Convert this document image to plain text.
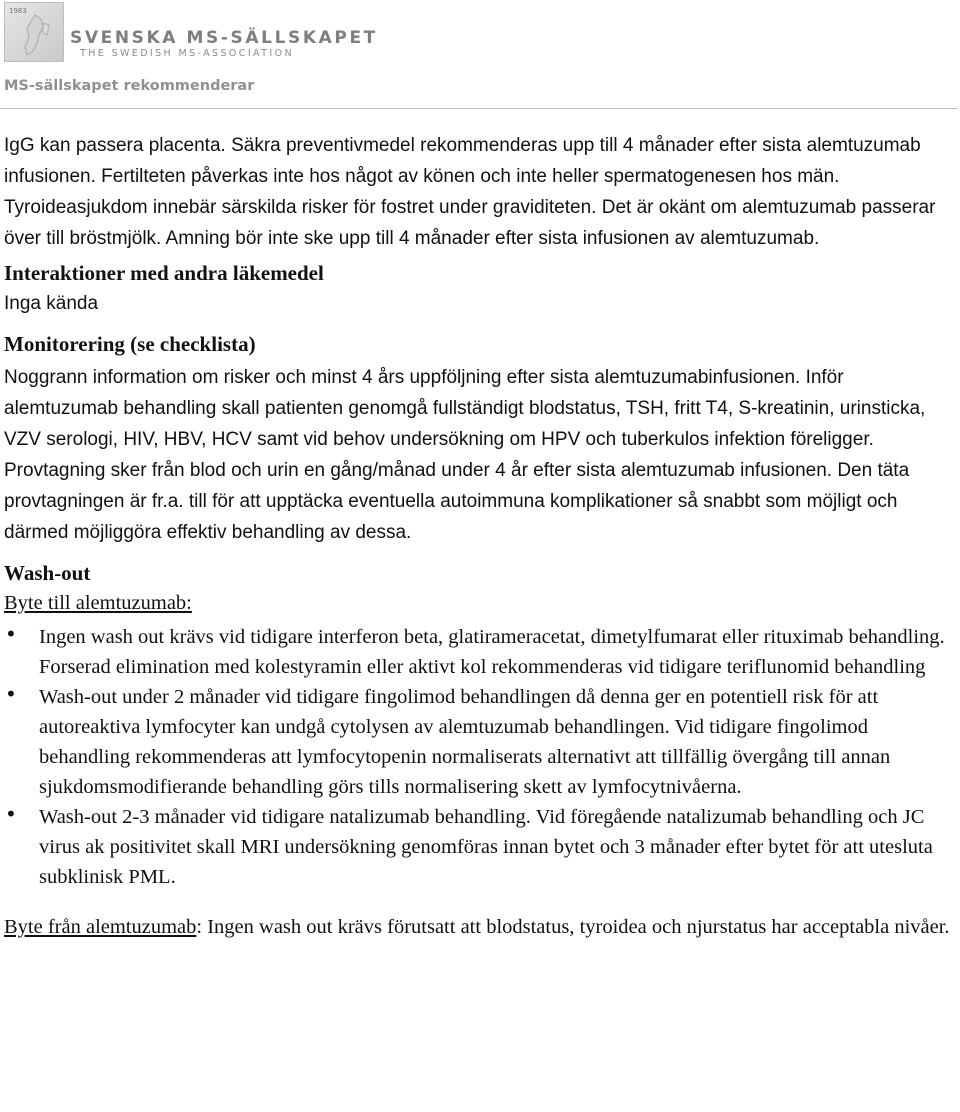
1983
SVENSKA MS-SÄLLSKAPET
THE SWEDISH MS-ASSOCIATION
MS-sällskapet rekommenderar

IgG kan passera placenta. Säkra preventivmedel rekommenderas upp till 4 månader efter sista alemtuzumab infusionen. Fertilteten påverkas inte hos något av könen och inte heller spermatogenesen hos män. Tyroideasjukdom innebär särskilda risker för fostret under graviditeten. Det är okänt om alemtuzumab passerar över till bröstmjölk. Amning bör inte ske upp till 4 månader efter sista infusionen av alemtuzumab.

Interaktioner med andra läkemedel

Inga kända

Monitorering (se checklista)

Noggrann information om risker och minst 4 års uppföljning efter sista alemtuzumabinfusionen. Inför alemtuzumab behandling skall patienten genomgå fullständigt blodstatus, TSH, fritt T4, S-kreatinin, urinsticka, VZV serologi, HIV, HBV, HCV samt vid behov undersökning om HPV och tuberkulos infektion föreligger. Provtagning sker från blod och urin en gång/månad under 4 år efter sista alemtuzumab infusionen. Den täta provtagningen är fr.a. till för att upptäcka eventuella autoimmuna komplikationer så snabbt som möjligt och därmed möjliggöra effektiv behandling av dessa.

Wash-out

Byte till alemtuzumab:

• Ingen wash out krävs vid tidigare interferon beta, glatirameracetat, dimetylfumarat eller rituximab behandling. Forserad elimination med kolestyramin eller aktivt kol rekommenderas vid tidigare teriflunomid behandling
• Wash-out under 2 månader vid tidigare fingolimod behandlingen då denna ger en potentiell risk för att autoreaktiva lymfocyter kan undgå cytolysen av alemtuzumab behandlingen. Vid tidigare fingolimod behandling rekommenderas att lymfocytopenin normaliserats alternativt att tillfällig övergång till annan sjukdomsmodifierande behandling görs tills normalisering skett av lymfocytnivåerna.
• Wash-out 2-3 månader vid tidigare natalizumab behandling. Vid föregående natalizumab behandling och JC virus ak positivitet skall MRI undersökning genomföras innan bytet och 3 månader efter bytet för att utesluta subklinisk PML.

Byte från alemtuzumab: Ingen wash out krävs förutsatt att blodstatus, tyroidea och njurstatus har acceptabla nivåer.
